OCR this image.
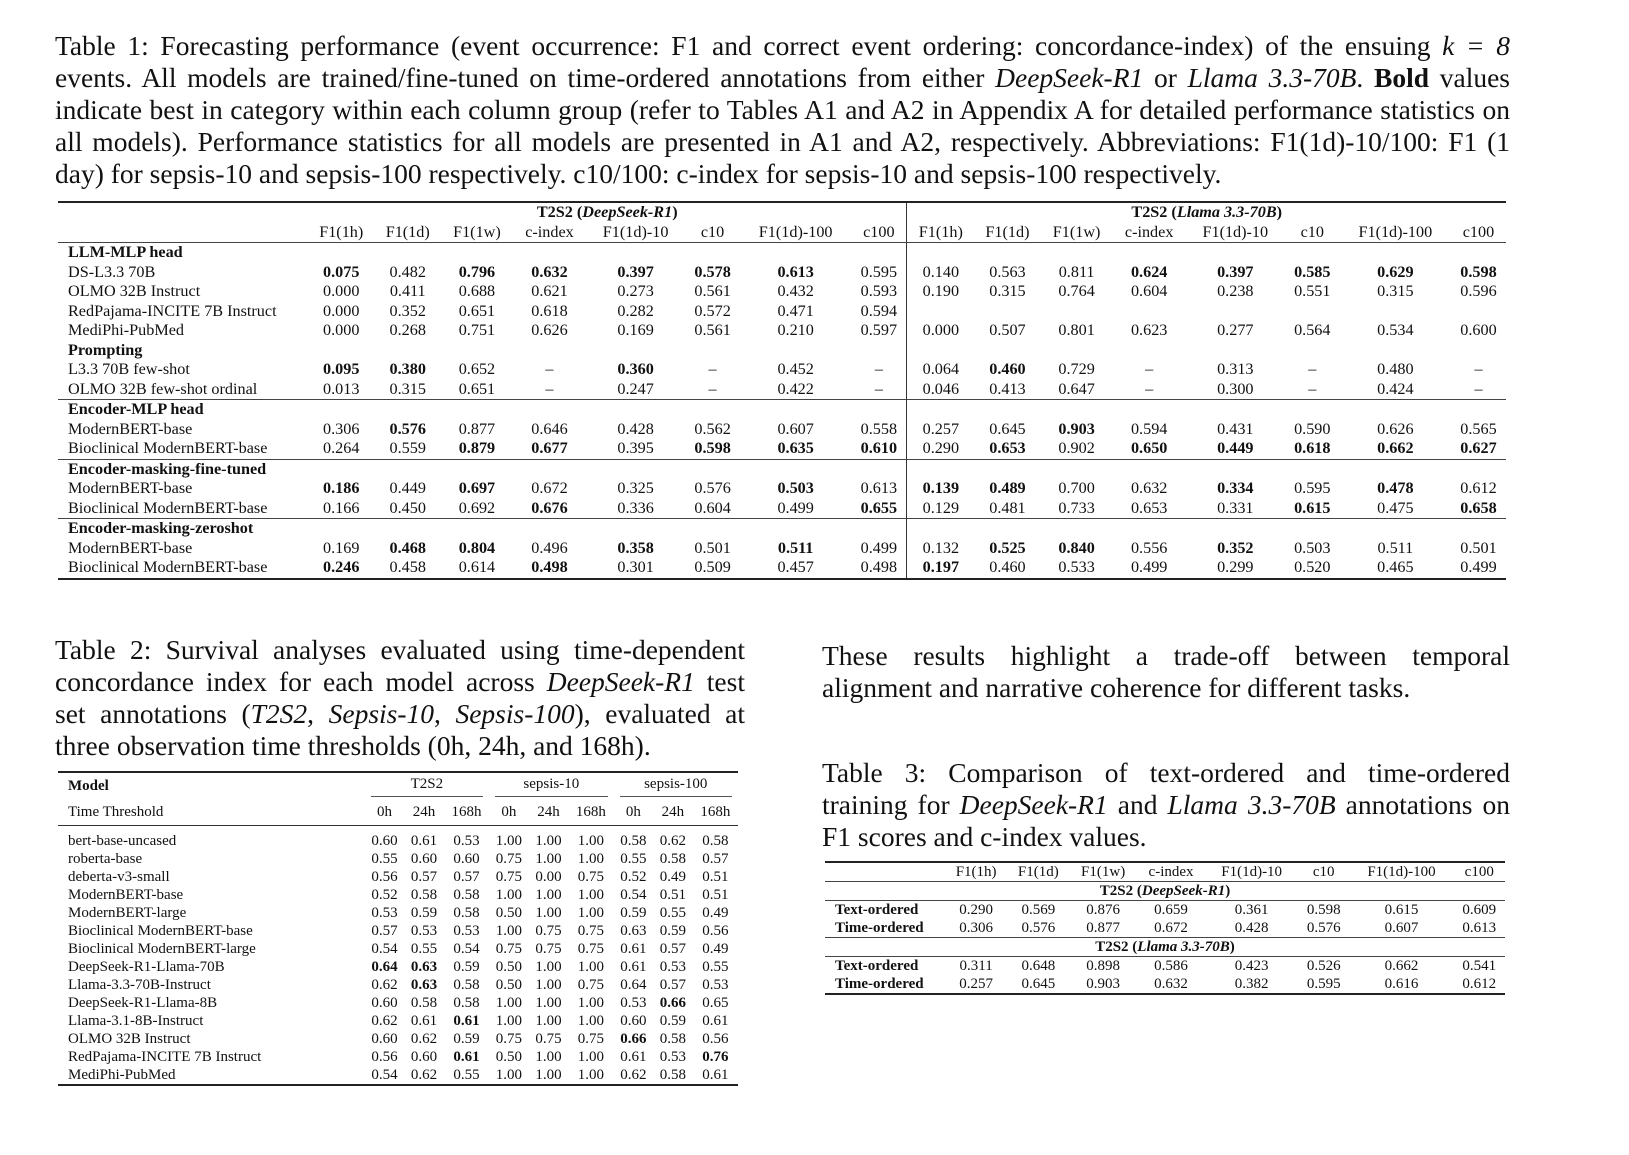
Table 1: Forecasting performance (event occurrence: F1 and correct event ordering: concordance-index) of the ensuing k = 8 events. All models are trained/fine-tuned on time-ordered annotations from either DeepSeek-R1 or Llama 3.3-70B. Bold values indicate best in category within each column group (refer to Tables A1 and A2 in Appendix A for detailed performance statistics on all models). Performance statistics for all models are presented in A1 and A2, respectively. Abbreviations: F1(1d)-10/100: F1 (1 day) for sepsis-10 and sepsis-100 respectively. c10/100: c-index for sepsis-10 and sepsis-100 respectively.
	T2S2 (DeepSeek-R1)								T2S2 (Llama 3.3-70B)							
	F1(1h)	F1(1d)	F1(1w)	c-index	F1(1d)-10	c10	F1(1d)-100	c100	F1(1h)	F1(1d)	F1(1w)	c-index	F1(1d)-10	c10	F1(1d)-100	c100
LLM-MLP head																
DS-L3.3 70B	0.075	0.482	0.796	0.632	0.397	0.578	0.613	0.595	0.140	0.563	0.811	0.624	0.397	0.585	0.629	0.598
OLMO 32B Instruct	0.000	0.411	0.688	0.621	0.273	0.561	0.432	0.593	0.190	0.315	0.764	0.604	0.238	0.551	0.315	0.596
RedPajama-INCITE 7B Instruct	0.000	0.352	0.651	0.618	0.282	0.572	0.471	0.594								
MediPhi-PubMed	0.000	0.268	0.751	0.626	0.169	0.561	0.210	0.597	0.000	0.507	0.801	0.623	0.277	0.564	0.534	0.600
Prompting																
L3.3 70B few-shot	0.095	0.380	0.652	–	0.360	–	0.452	–	0.064	0.460	0.729	–	0.313	–	0.480	–
OLMO 32B few-shot ordinal	0.013	0.315	0.651	–	0.247	–	0.422	–	0.046	0.413	0.647	–	0.300	–	0.424	–
Encoder-MLP head																
ModernBERT-base	0.306	0.576	0.877	0.646	0.428	0.562	0.607	0.558	0.257	0.645	0.903	0.594	0.431	0.590	0.626	0.565
Bioclinical ModernBERT-base	0.264	0.559	0.879	0.677	0.395	0.598	0.635	0.610	0.290	0.653	0.902	0.650	0.449	0.618	0.662	0.627
Encoder-masking-fine-tuned																
ModernBERT-base	0.186	0.449	0.697	0.672	0.325	0.576	0.503	0.613	0.139	0.489	0.700	0.632	0.334	0.595	0.478	0.612
Bioclinical ModernBERT-base	0.166	0.450	0.692	0.676	0.336	0.604	0.499	0.655	0.129	0.481	0.733	0.653	0.331	0.615	0.475	0.658
Encoder-masking-zeroshot																
ModernBERT-base	0.169	0.468	0.804	0.496	0.358	0.501	0.511	0.499	0.132	0.525	0.840	0.556	0.352	0.503	0.511	0.501
Bioclinical ModernBERT-base	0.246	0.458	0.614	0.498	0.301	0.509	0.457	0.498	0.197	0.460	0.533	0.499	0.299	0.520	0.465	0.499
Table 2: Survival analyses evaluated using time-dependent concordance index for each model across DeepSeek-R1 test set annotations (T2S2, Sepsis-10, Sepsis-100), evaluated at three observation time thresholds (0h, 24h, and 168h).
Model	T2S2			sepsis-10			sepsis-100		

Time Threshold	0h	24h	168h	0h	24h	168h	0h	24h	168h
bert-base-uncased	0.60	0.61	0.53	1.00	1.00	1.00	0.58	0.62	0.58
roberta-base	0.55	0.60	0.60	0.75	1.00	1.00	0.55	0.58	0.57
deberta-v3-small	0.56	0.57	0.57	0.75	0.00	0.75	0.52	0.49	0.51
ModernBERT-base	0.52	0.58	0.58	1.00	1.00	1.00	0.54	0.51	0.51
ModernBERT-large	0.53	0.59	0.58	0.50	1.00	1.00	0.59	0.55	0.49
Bioclinical ModernBERT-base	0.57	0.53	0.53	1.00	0.75	0.75	0.63	0.59	0.56
Bioclinical ModernBERT-large	0.54	0.55	0.54	0.75	0.75	0.75	0.61	0.57	0.49
DeepSeek-R1-Llama-70B	0.64	0.63	0.59	0.50	1.00	1.00	0.61	0.53	0.55
Llama-3.3-70B-Instruct	0.62	0.63	0.58	0.50	1.00	0.75	0.64	0.57	0.53
DeepSeek-R1-Llama-8B	0.60	0.58	0.58	1.00	1.00	1.00	0.53	0.66	0.65
Llama-3.1-8B-Instruct	0.62	0.61	0.61	1.00	1.00	1.00	0.60	0.59	0.61
OLMO 32B Instruct	0.60	0.62	0.59	0.75	0.75	0.75	0.66	0.58	0.56
RedPajama-INCITE 7B Instruct	0.56	0.60	0.61	0.50	1.00	1.00	0.61	0.53	0.76
MediPhi-PubMed	0.54	0.62	0.55	1.00	1.00	1.00	0.62	0.58	0.61
These results highlight a trade-off between temporal alignment and narrative coherence for different tasks.
Table 3: Comparison of text-ordered and time-ordered training for DeepSeek-R1 and Llama 3.3-70B annotations on F1 scores and c-index values.
	F1(1h)	F1(1d)	F1(1w)	c-index	F1(1d)-10	c10	F1(1d)-100	c100
T2S2 (DeepSeek-R1)								
Text-ordered	0.290	0.569	0.876	0.659	0.361	0.598	0.615	0.609
Time-ordered	0.306	0.576	0.877	0.672	0.428	0.576	0.607	0.613
T2S2 (Llama 3.3-70B)								
Text-ordered	0.311	0.648	0.898	0.586	0.423	0.526	0.662	0.541
Time-ordered	0.257	0.645	0.903	0.632	0.382	0.595	0.616	0.612
